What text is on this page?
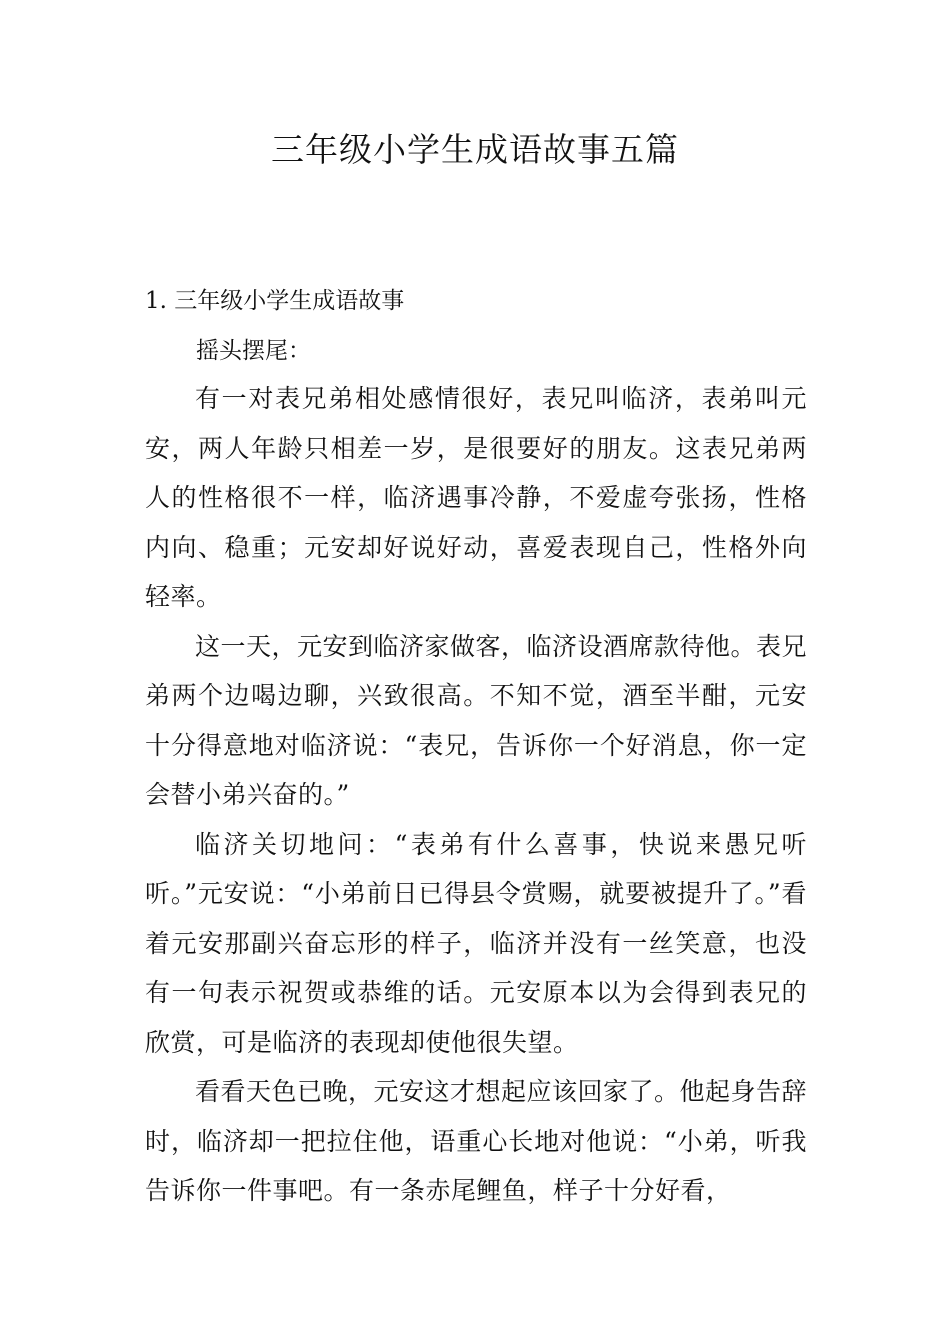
三年级小学生成语故事五篇

1. 三年级小学生成语故事

摇头摆尾：

有一对表兄弟相处感情很好，表兄叫临济，表弟叫元安，两人年龄只相差一岁，是很要好的朋友。这表兄弟两人的性格很不一样，临济遇事冷静，不爱虚夸张扬，性格内向、稳重；元安却好说好动，喜爱表现自己，性格外向轻率。

这一天，元安到临济家做客，临济设酒席款待他。表兄弟两个边喝边聊，兴致很高。不知不觉，酒至半酣，元安十分得意地对临济说：“表兄，告诉你一个好消息，你一定会替小弟兴奋的。”

临济关切地问：“表弟有什么喜事，快说来愚兄听听。”元安说：“小弟前日已得县令赏赐，就要被提升了。”看着元安那副兴奋忘形的样子，临济并没有一丝笑意，也没有一句表示祝贺或恭维的话。元安原本以为会得到表兄的欣赏，可是临济的表现却使他很失望。

看看天色已晚，元安这才想起应该回家了。他起身告辞时，临济却一把拉住他，语重心长地对他说：“小弟，听我告诉你一件事吧。有一条赤尾鲤鱼，样子十分好看，
